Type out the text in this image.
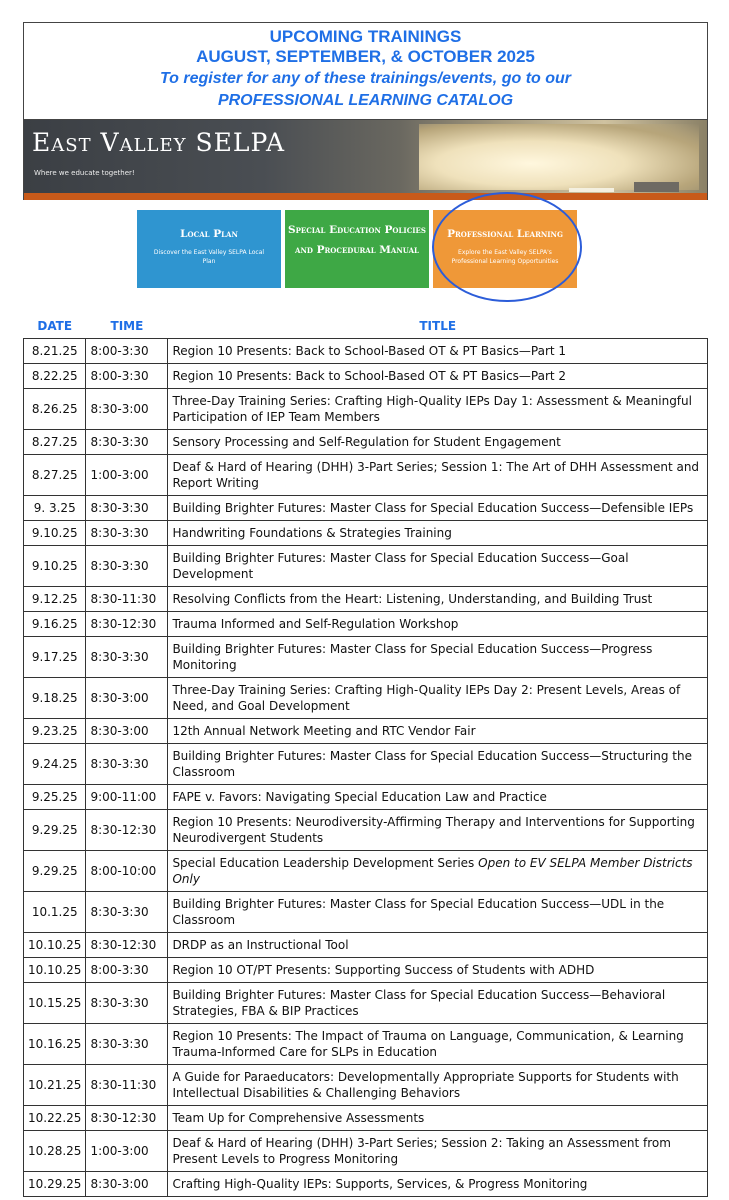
UPCOMING TRAININGS
AUGUST, SEPTEMBER, & OCTOBER 2025
To register for any of these trainings/events, go to our
PROFESSIONAL LEARNING CATALOG
East Valley SELPA
Where we educate together!
Local Plan
Discover the East Valley SELPA Local Plan
Special Education Policies and Procedural Manual
Professional Learning
Explore the East Valley SELPA's Professional Learning Opportunities
DATE	TIME	TITLE
8.21.25	8:00-3:30	Region 10 Presents: Back to School-Based OT & PT Basics—Part 1
8.22.25	8:00-3:30	Region 10 Presents: Back to School-Based OT & PT Basics—Part 2
8.26.25	8:30-3:00	Three-Day Training Series: Crafting High-Quality IEPs Day 1: Assessment & Meaningful Participation of IEP Team Members
8.27.25	8:30-3:30	Sensory Processing and Self-Regulation for Student Engagement
8.27.25	1:00-3:00	Deaf & Hard of Hearing (DHH) 3-Part Series; Session 1: The Art of DHH Assessment and Report Writing
9. 3.25	8:30-3:30	Building Brighter Futures: Master Class for Special Education Success—Defensible IEPs
9.10.25	8:30-3:30	Handwriting Foundations & Strategies Training
9.10.25	8:30-3:30	Building Brighter Futures: Master Class for Special Education Success—Goal Development
9.12.25	8:30-11:30	Resolving Conflicts from the Heart: Listening, Understanding, and Building Trust
9.16.25	8:30-12:30	Trauma Informed and Self-Regulation Workshop
9.17.25	8:30-3:30	Building Brighter Futures: Master Class for Special Education Success—Progress Monitoring
9.18.25	8:30-3:00	Three-Day Training Series: Crafting High-Quality IEPs Day 2: Present Levels, Areas of Need, and Goal Development
9.23.25	8:30-3:00	12th Annual Network Meeting and RTC Vendor Fair
9.24.25	8:30-3:30	Building Brighter Futures: Master Class for Special Education Success—Structuring the Classroom
9.25.25	9:00-11:00	FAPE v. Favors: Navigating Special Education Law and Practice
9.29.25	8:30-12:30	Region 10 Presents: Neurodiversity-Affirming Therapy and Interventions for Supporting Neurodivergent Students
9.29.25	8:00-10:00	Special Education Leadership Development Series Open to EV SELPA Member Districts Only
10.1.25	8:30-3:30	Building Brighter Futures: Master Class for Special Education Success—UDL in the Classroom
10.10.25	8:30-12:30	DRDP as an Instructional Tool
10.10.25	8:00-3:30	Region 10 OT/PT Presents: Supporting Success of Students with ADHD
10.15.25	8:30-3:30	Building Brighter Futures: Master Class for Special Education Success—Behavioral Strategies, FBA & BIP Practices
10.16.25	8:30-3:30	Region 10 Presents: The Impact of Trauma on Language, Communication, & Learning Trauma-Informed Care for SLPs in Education
10.21.25	8:30-11:30	A Guide for Paraeducators: Developmentally Appropriate Supports for Students with Intellectual Disabilities & Challenging Behaviors
10.22.25	8:30-12:30	Team Up for Comprehensive Assessments
10.28.25	1:00-3:00	Deaf & Hard of Hearing (DHH) 3-Part Series; Session 2: Taking an Assessment from Present Levels to Progress Monitoring
10.29.25	8:30-3:00	Crafting High-Quality IEPs: Supports, Services, & Progress Monitoring
